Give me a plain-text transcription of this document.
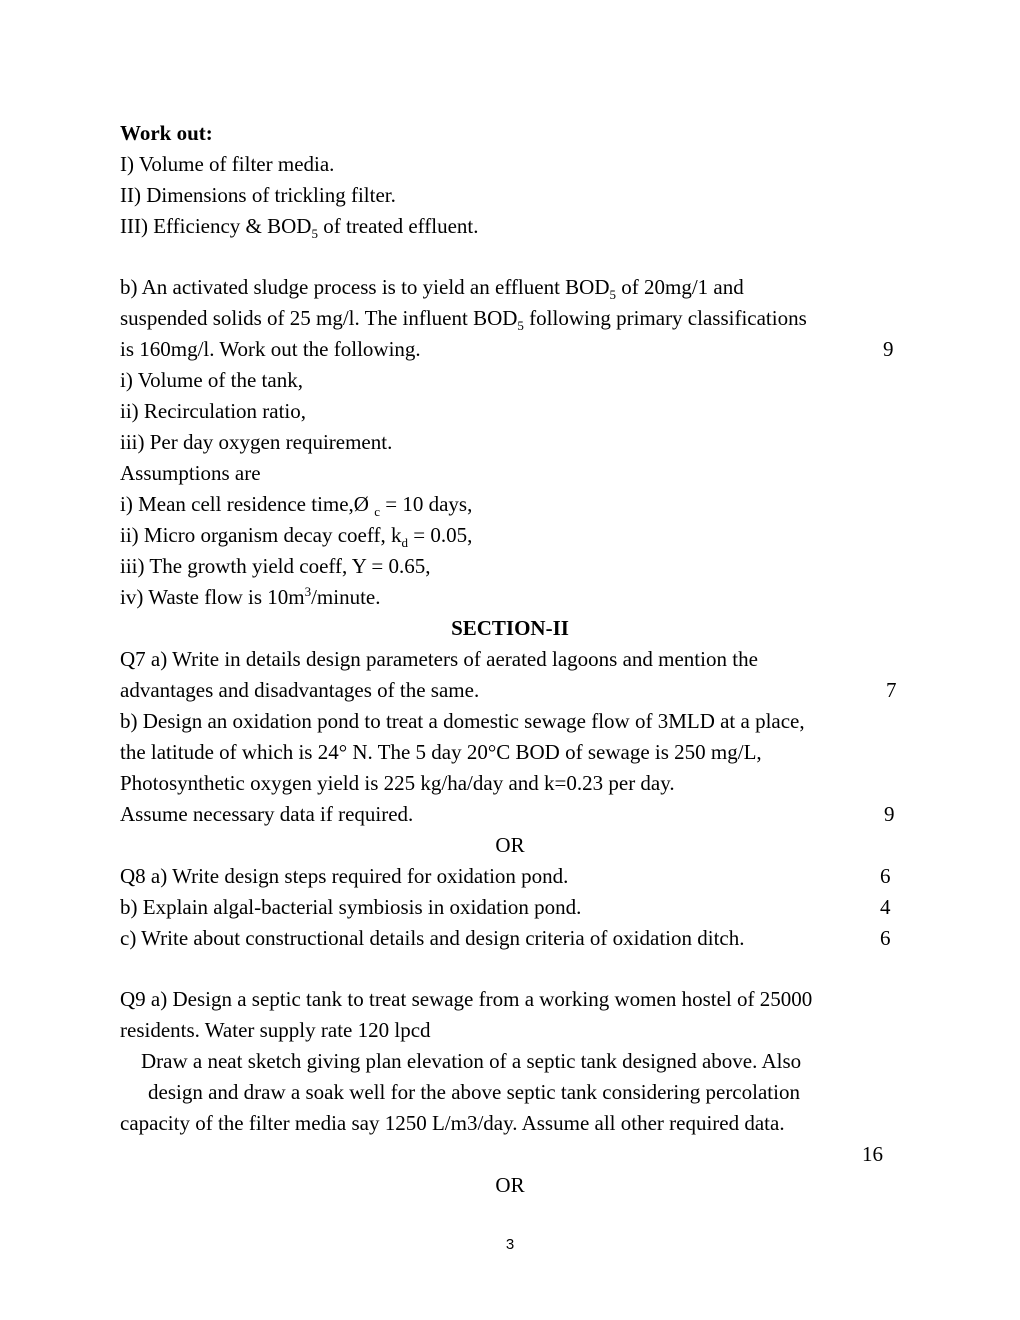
Work out:
I) Volume of filter media.
II) Dimensions of trickling filter.
III) Efficiency & $BOD_5$ of treated effluent.
b) An activated sludge process is to yield an effluent $BOD_5$ of 20mg/1 and
suspended solids of 25 mg/l. The influent $BOD_5$ following primary classifications
is 160mg/l. Work out the following.	9
i) Volume of the tank,
ii) Recirculation ratio,
iii) Per day oxygen requirement.
Assumptions are
i) Mean cell residence time,Ø $_c$ = 10 days,
ii) Micro organism decay coeff, $k_d = 0.05$,
iii) The growth yield coeff, Y = 0.65,
iv) Waste flow is $10m^3$/minute.
SECTION-II
Q7 a) Write in details design parameters of aerated lagoons and mention the
advantages and disadvantages of the same.	7
b) Design an oxidation pond to treat a domestic sewage flow of 3MLD at a place,
the latitude of which is 24° N. The 5 day 20°C BOD of sewage is 250 mg/L,
Photosynthetic oxygen yield is 225 kg/ha/day and k=0.23 per day.
Assume necessary data if required.	9
OR
Q8 a) Write design steps required for oxidation pond.	6
b) Explain algal-bacterial symbiosis in oxidation pond.	4
c) Write about constructional details and design criteria of oxidation ditch.	6
Q9 a) Design a septic tank to treat sewage from a working women hostel of 25000
residents. Water supply rate 120 lpcd
Draw a neat sketch giving plan elevation of a septic tank designed above. Also
design and draw a soak well for the above septic tank considering percolation
capacity of the filter media say 1250 L/m3/day. Assume all other required data.
16
OR
3
